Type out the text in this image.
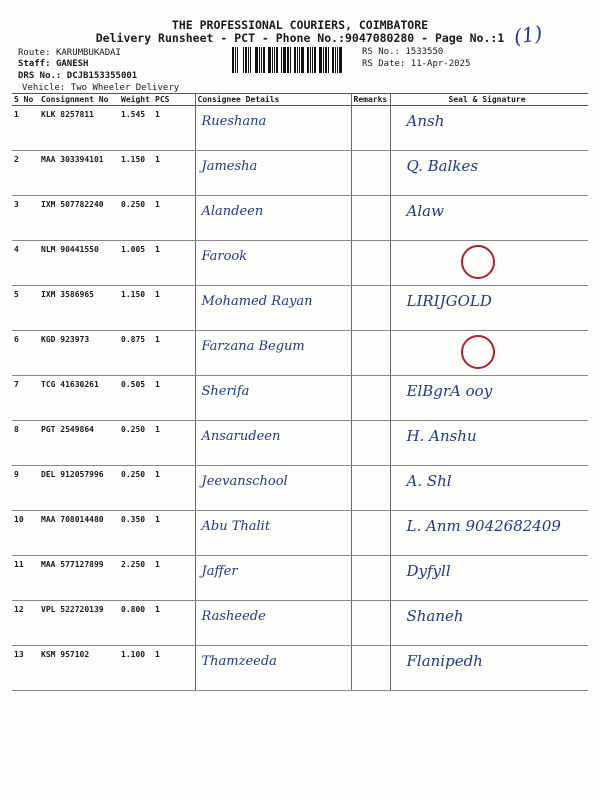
THE PROFESSIONAL COURIERS, COIMBATORE
Delivery Runsheet - PCT - Phone No.:9047080280 - Page No.:1 (1)
Route: KARUMBUKADAI
Staff: GANESH
DRS No.: DCJB153355001
Vehicle: Two Wheeler Delivery
RS No.: 1533550
RS Date: 11-Apr-2025
S No	Consignment No	Weight	PCS	Consignee Details	Remarks	Seal & Signature
1	KLK 8257811	1.545	1	Rueshana		Ansh

2	MAA 303394101	1.150	1	Jamesha		Q. Balkes

3	IXM 507782240	0.250	1	Alandeen		Alaw

4	NLM 90441550	1.005	1	Farook		

5	IXM 3586965	1.150	1	Mohamed Rayan		LIRIJGOLD

6	KGD 923973	0.875	1	Farzana Begum		

7	TCG 41630261	0.505	1	Sherifa		ElBgrA ooy

8	PGT 2549864	0.250	1	Ansarudeen		H. Anshu

9	DEL 912057996	0.250	1	Jeevanschool		A. Shl

10	MAA 708014480	0.350	1	Abu Thalit		L. Anm 9042682409

11	MAA 577127899	2.250	1	Jaffer		Dyfyll

12	VPL 522720139	0.800	1	Rasheede		Shaneh

13	KSM 957102	1.100	1	Thamzeeda		Flanipedh
